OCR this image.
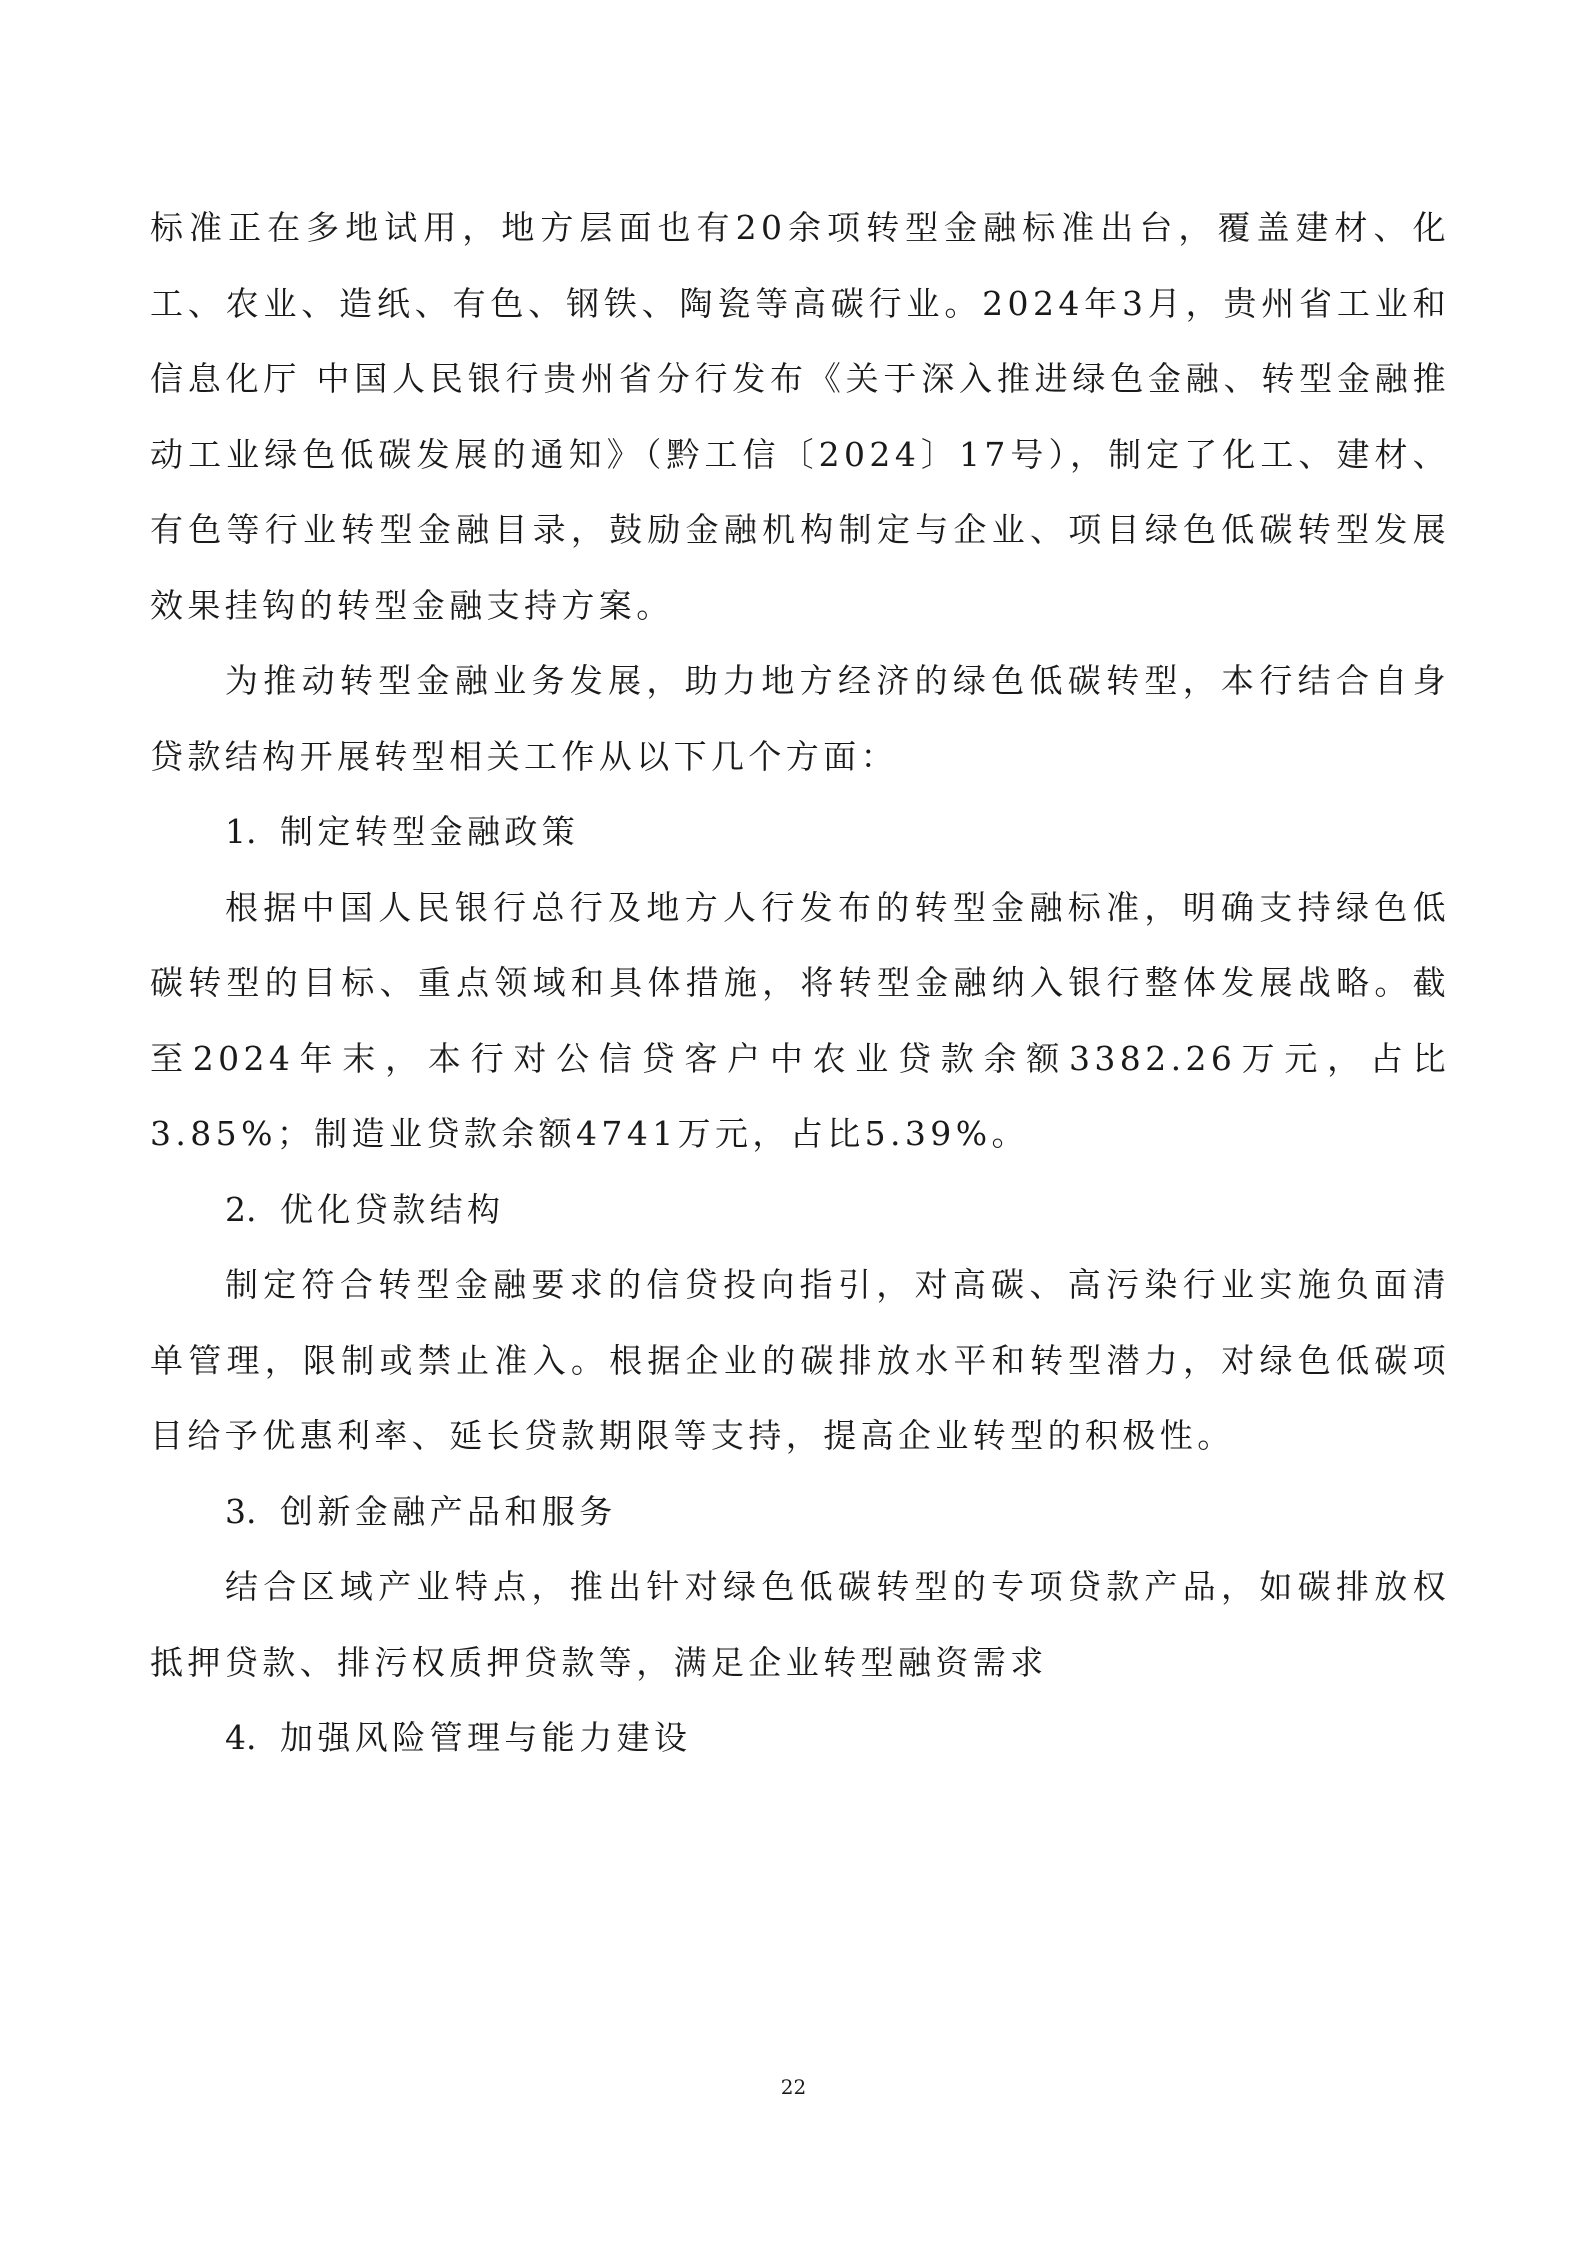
标准正在多地试用，地方层面也有20余项转型金融标准出台，覆盖建材、化工、农业、造纸、有色、钢铁、陶瓷等高碳行业。2024年3月，贵州省工业和信息化厅 中国人民银行贵州省分行发布《关于深入推进绿色金融、转型金融推动工业绿色低碳发展的通知》（黔工信〔2024〕17号），制定了化工、建材、有色等行业转型金融目录，鼓励金融机构制定与企业、项目绿色低碳转型发展效果挂钩的转型金融支持方案。

为推动转型金融业务发展，助力地方经济的绿色低碳转型，本行结合自身贷款结构开展转型相关工作从以下几个方面：

1. 制定转型金融政策

根据中国人民银行总行及地方人行发布的转型金融标准，明确支持绿色低碳转型的目标、重点领域和具体措施，将转型金融纳入银行整体发展战略。截至2024年末，本行对公信贷客户中农业贷款余额3382.26万元，占比3.85%；制造业贷款余额4741万元，占比5.39%。

2. 优化贷款结构

制定符合转型金融要求的信贷投向指引，对高碳、高污染行业实施负面清单管理，限制或禁止准入。根据企业的碳排放水平和转型潜力，对绿色低碳项目给予优惠利率、延长贷款期限等支持，提高企业转型的积极性。

3. 创新金融产品和服务

结合区域产业特点，推出针对绿色低碳转型的专项贷款产品，如碳排放权抵押贷款、排污权质押贷款等，满足企业转型融资需求

4. 加强风险管理与能力建设

22
